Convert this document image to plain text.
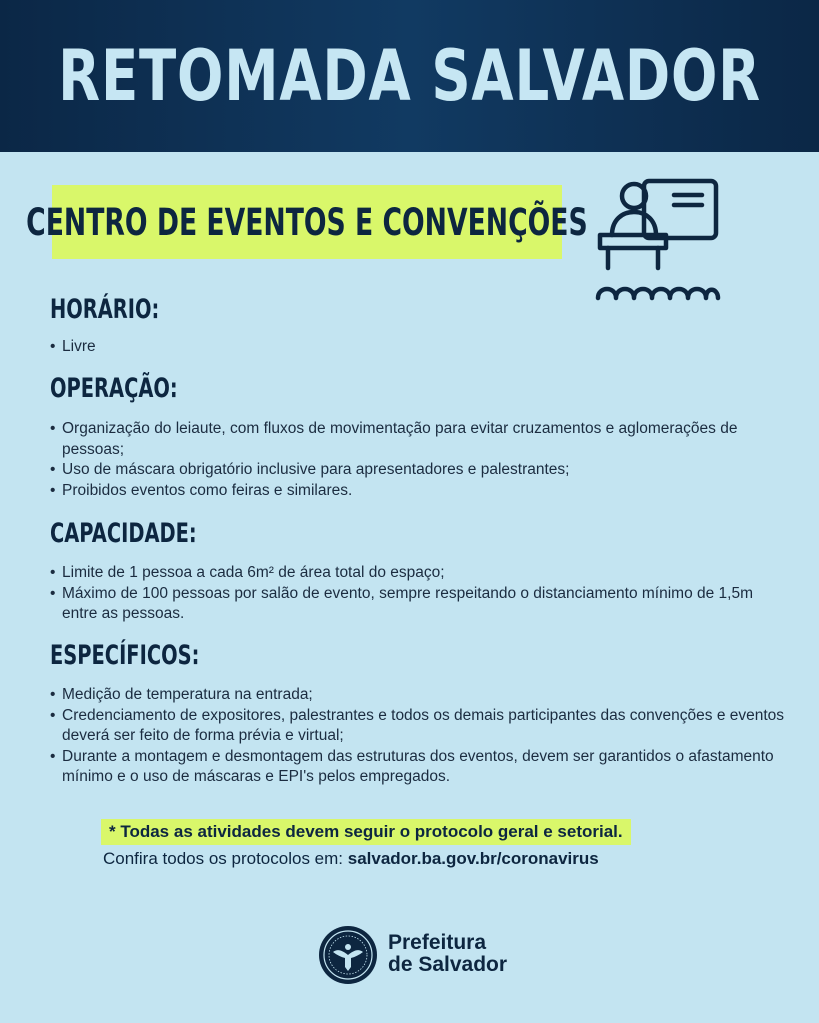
RETOMADA SALVADOR
CENTRO DE EVENTOS E CONVENÇÕES
HORÁRIO:
• Livre
OPERAÇÃO:
• Organização do leiaute, com fluxos de movimentação para evitar cruzamentos e aglomerações de pessoas;
• Uso de máscara obrigatório inclusive para apresentadores e palestrantes;
• Proibidos eventos como feiras e similares.
CAPACIDADE:
• Limite de 1 pessoa a cada 6m² de área total do espaço;
• Máximo de 100 pessoas por salão de evento, sempre respeitando o distanciamento mínimo de 1,5m entre as pessoas.
ESPECÍFICOS:
• Medição de temperatura na entrada;
• Credenciamento de expositores, palestrantes e todos os demais participantes das convenções e eventos deverá ser feito de forma prévia e virtual;
• Durante a montagem e desmontagem das estruturas dos eventos, devem ser garantidos o afastamento mínimo e o uso de máscaras e EPI's pelos empregados.
* Todas as atividades devem seguir o protocolo geral e setorial.
Confira todos os protocolos em: salvador.ba.gov.br/coronavirus
Prefeitura
de Salvador
